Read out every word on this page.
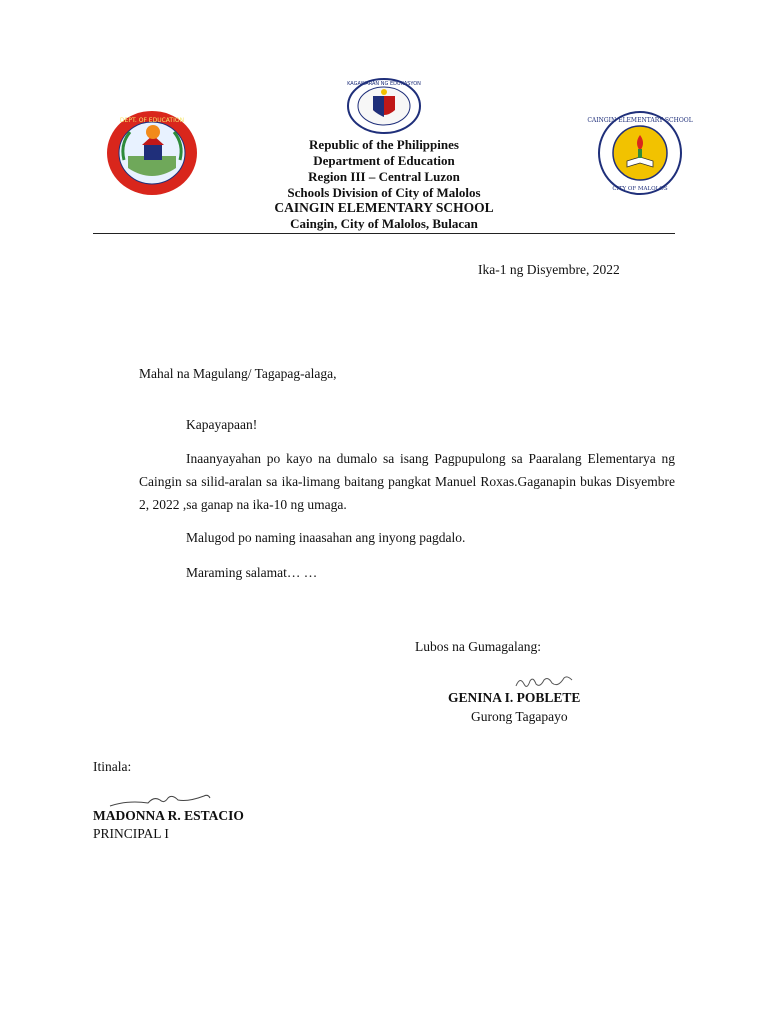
DEPT. OF EDUCATION
KAGAWARAN NG EDUKASYON
CAINGIN ELEMENTARY SCHOOL
CITY OF MALOLOS
Republic of the Philippines
Department of Education
Region III – Central Luzon
Schools Division of City of Malolos
CAINGIN ELEMENTARY SCHOOL
Caingin, City of Malolos, Bulacan
Ika-1 ng Disyembre, 2022
Mahal na Magulang/ Tagapag-alaga,
Kapayapaan!
Inaanyayahan po kayo na dumalo sa isang Pagpupulong sa Paaralang Elementarya ng Caingin sa silid-aralan sa ika-limang baitang pangkat Manuel Roxas.Gaganapin bukas Disyembre 2, 2022 ,sa ganap na ika-10 ng umaga.
Malugod po naming inaasahan ang inyong pagdalo.
Maraming salamat… …
Lubos na Gumagalang:
GENINA I. POBLETE
Gurong Tagapayo
Itinala:
MADONNA R. ESTACIO
PRINCIPAL I
